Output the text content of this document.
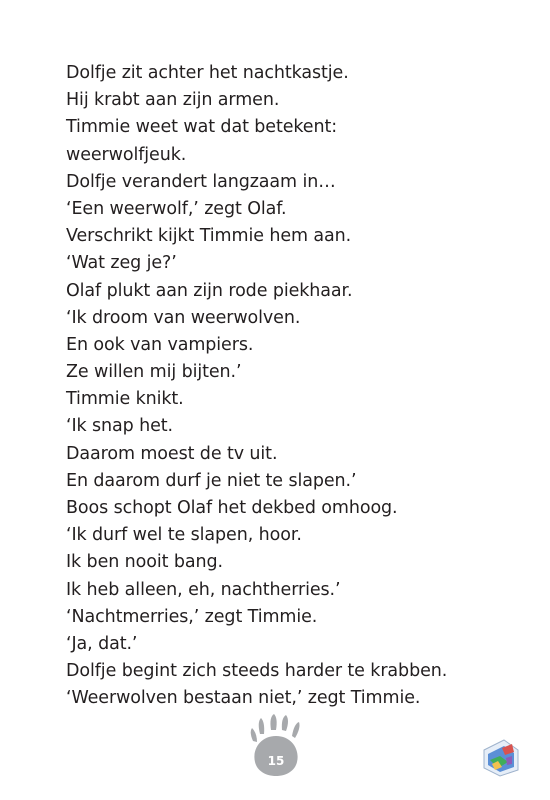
Dolfje zit achter het nachtkastje.
Hij krabt aan zijn armen.
Timmie weet wat dat betekent:
weerwolfjeuk.
Dolfje verandert langzaam in…
‘Een weerwolf,’ zegt Olaf.
Verschrikt kijkt Timmie hem aan.
‘Wat zeg je?’
Olaf plukt aan zijn rode piekhaar.
‘Ik droom van weerwolven.
En ook van vampiers.
Ze willen mij bijten.’
Timmie knikt.
‘Ik snap het.
Daarom moest de tv uit.
En daarom durf je niet te slapen.’
Boos schopt Olaf het dekbed omhoog.
‘Ik durf wel te slapen, hoor.
Ik ben nooit bang.
Ik heb alleen, eh, nachtherries.’
‘Nachtmerries,’ zegt Timmie.
‘Ja, dat.’
Dolfje begint zich steeds harder te krabben.
‘Weerwolven bestaan niet,’ zegt Timmie.
15
